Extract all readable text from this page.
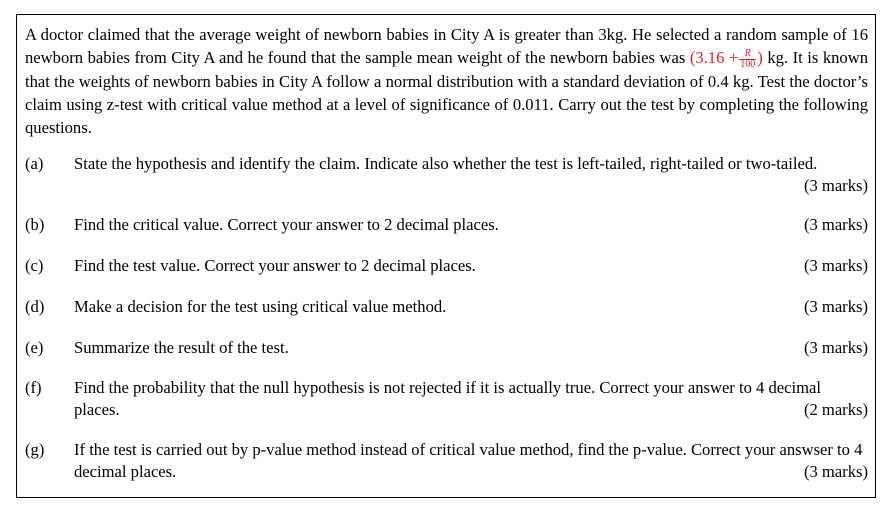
A doctor claimed that the average weight of newborn babies in City A is greater than 3kg. He selected a random sample of 16 newborn babies from City A and he found that the sample mean weight of the newborn babies was ($3.16 + \frac{R}{100}$ ) kg. It is known that the weights of newborn babies in City A follow a normal distribution with a standard deviation of 0.4 kg. Test the doctor’s claim using z-test with critical value method at a level of significance of 0.011. Carry out the test by completing the following questions.
(a) State the hypothesis and identify the claim. Indicate also whether the test is left-tailed, right-tailed or two-tailed.
(3 marks)
(b) Find the critical value. Correct your answer to 2 decimal places.	(3 marks)
(c) Find the test value. Correct your answer to 2 decimal places.	(3 marks)
(d) Make a decision for the test using critical value method.	(3 marks)
(e) Summarize the result of the test.	(3 marks)
(f) Find the probability that the null hypothesis is not rejected if it is actually true. Correct your answer to 4 decimal places.	(2 marks)
(g) If the test is carried out by p-value method instead of critical value method, find the p-value. Correct your answser to 4 decimal places.	(3 marks)
